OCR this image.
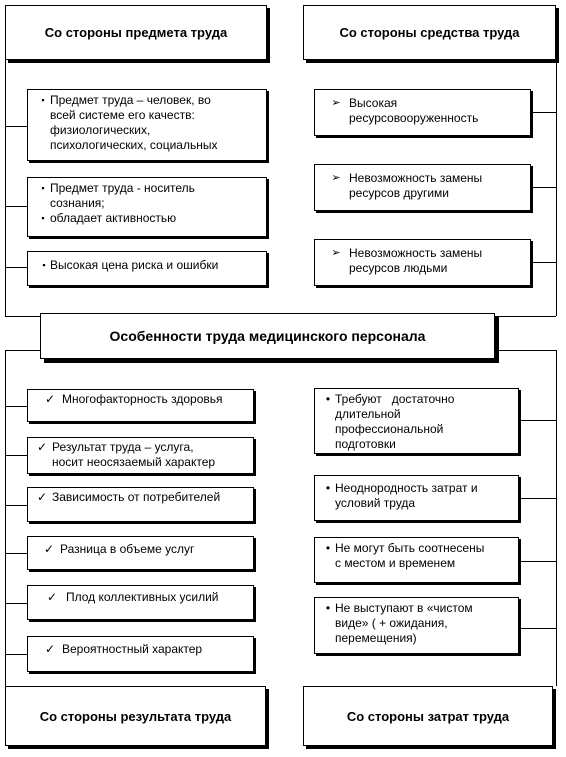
Со стороны предмета труда	Со стороны средства труда
Со стороны результата труда	Со стороны затрат труда
Особенности труда медицинского персонала
▪ Предмет труда – человек, во
всей системе его качеств:
физиологических,
психологических, социальных
▪ Предмет труда - носитель
сознания;
▪ обладает активностью
▪ Высокая цена риска и ошибки
➢ Высокая
ресурсовооруженность
➢ Невозможность замены
ресурсов другими
➢ Невозможность замены
ресурсов людьми
✓ Многофакторность здоровья
✓ Результат труда – услуга,
носит неосязаемый характер
✓ Зависимость от потребителей
✓ Разница в объеме услуг
✓ Плод коллективных усилий
✓ Вероятностный характер
• Требуют   достаточно
длительной
профессиональной
подготовки
• Неоднородность затрат и
условий труда
• Не могут быть соотнесены
с местом и временем
• Не выступают в «чистом
виде» ( + ожидания,
перемещения)
